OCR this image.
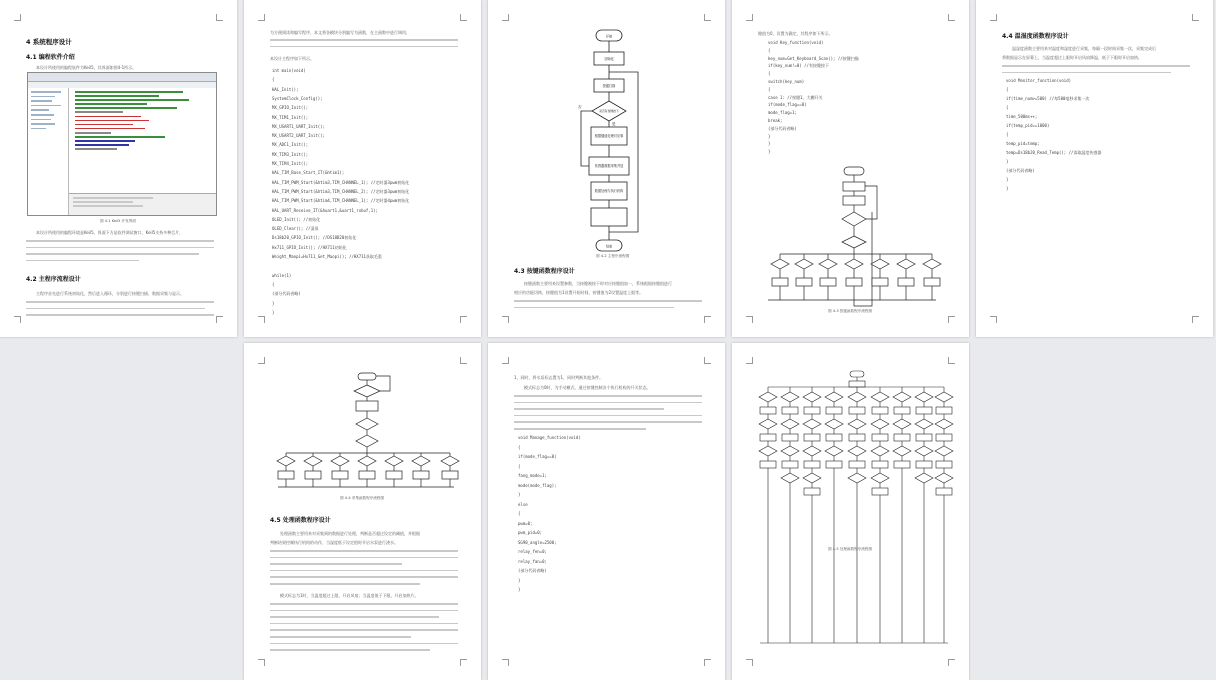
4 系统程序设计
4.1 编程软件介绍
本设计所使用的编程软件为Keil5，其界面如图4-1所示。
图 4-1 Keil5 开发界面
本设计所使用的编程环境是Keil5，界面下方是软件调试窗口，Keil5支持多种芯片，
4.2 主程序流程设计
主程序首先进行系统初始化，然后进入循环，分别进行按键扫描、数据采集与显示。
为方便阅读和编写程序，本文将各模块分别编写为函数，在主函数中进行调用，
本设计主程序如下所示。
int main(void)
{
HAL_Init();
SystemClock_Config();
MX_GPIO_Init();
MX_TIM1_Init();
MX_USART1_UART_Init();
MX_USART2_UART_Init();
MX_ADC1_Init();
MX_TIM3_Init();
MX_TIM4_Init();
HAL_TIM_Base_Start_IT(&htim1);
HAL_TIM_PWM_Start(&htim3,TIM_CHANNEL_1); //定时器3pwm初始化
HAL_TIM_PWM_Start(&htim3,TIM_CHANNEL_2); //定时器3pwm初始化
HAL_TIM_PWM_Start(&htim4,TIM_CHANNEL_1); //定时器4pwm初始化
HAL_UART_Receive_IT(&huart1,&uart1_rxbuf,1);
OLED_Init(); //初始化
OLED_Clear(); //清屏
Ds18b20_GPIO_Init(); //DS18B20初始化
Hx711_GPIO_Init(); //HX711初始化
Weight_Maopi=Hx711_Get_Maopi(); //HX711获取毛重
while(1)
{
(部分代码省略)
}
}
开始
初始化
按键扫描
是否有按键按下
根据键值处理对应事
传感器数据采集并显
数据处理与执行机构
结束
否
是
图 4-2 主程序流程图
4.3 按键函数程序设计
按键函数主要用来设置参数，当按键被按下时对应按键值加一，系统根据按键值进行
相应的功能切换，按键值为1设置开始时间，按键值为2设置温度上限等。
键值为0，设置为确定，其程序如下所示。
图 4-3 按键函数程序流程图
void Key_function(void)
{
key_num=Get_Keyboard_Scan(); //按键扫描
if(key_num!=0) //有按键按下
{
switch(key_num)
{
case 1: //按键1，大棚开关
if(mode_flag==0)
mode_flag=1;
break;
(部分代码省略)
}
}
}
4.4 温湿度函数程序设计
温湿度函数主要用来对温度和湿度进行采集，每隔一段时间采集一次，采集完成后
将数据显示在屏幕上，当温度超过上限时开启风扇降温，低于下限时开启加热。
void Monitor_function(void)
{
if(time_num>=500) //每500毫秒采集一次
{
time_500ms++;
if(temp_pid==1000)
{
temp_pid=temp;
temp=Ds18b20_Read_Temp(); //读取温度传感器
}
(部分代码省略)
}
}
图 4-4 采集函数程序流程图
4.5 处理函数程序设计
处理函数主要用来对采集到的数据进行处理，判断是否超过设定的阈值，并根据
判断结果控制执行机构的动作，当湿度低于设定值时开启水泵进行浇水。
模式标志为1时，当温度超过上限，开启风扇；当温度低于下限，开启加热片。
1，同时，将水泵标志置为1，同时判断其他条件。
模式标志为0时，为手动模式，通过按键控制各个执行机构的开关状态。
void Manage_function(void)
{
if(mode_flag==0)
{
fang_mode=1;
mode(mode_flag);
}
else
{
pwm=0;
pwm_pid=0;
SG90_angle=2500;
relay_fen=0;
relay_fan=0;
(部分代码省略)
}
}
图 4-5 处理函数程序流程图
